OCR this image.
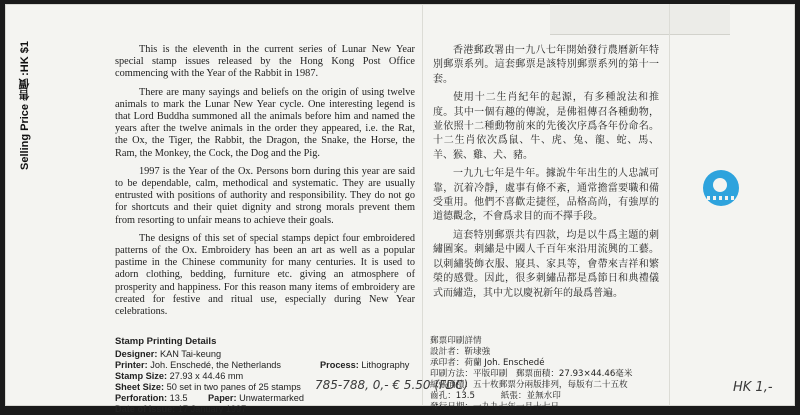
Selling Price 售價 :HK $1	This is the eleventh in the current series of Lunar New Year special stamp issues released by the Hong Kong Post Office commencing with the Year of the Rabbit in 1987.

There are many sayings and beliefs on the origin of using twelve animals to mark the Lunar New Year cycle. One interesting legend is that Lord Buddha summoned all the animals before him and named the years after the twelve animals in the order they appeared, i.e. the Rat, the Ox, the Tiger, the Rabbit, the Dragon, the Snake, the Horse, the Ram, the Monkey, the Cock, the Dog and the Pig.

1997 is the Year of the Ox. Persons born during this year are said to be dependable, calm, methodical and systematic. They are usually entrusted with positions of authority and responsibility. They do not go for shortcuts and their quiet dignity and strong morals prevent them from resorting to unfair means to achieve their goals.

The designs of this set of special stamps depict four embroidered patterns of the Ox. Embroidery has been an art as well as a popular pastime in the Chinese community for many centuries. It is used to adorn clothing, bedding, furniture etc. giving an atmosphere of prosperity and happiness. For this reason many items of embroidery are created for festive and ritual use, especially during New Year celebrations.

香港郵政署由一九八七年開始發行農曆新年特別郵票系列。這套郵票是該特別郵票系列的第十一套。

使用十二生肖紀年的起源，有多種說法和推度。其中一個有趣的傳說，是佛祖傳召各種動物，並依照十二種動物前來的先後次序爲各年份命名。十二生肖依次爲鼠、牛、虎、兔、龍、蛇、馬、羊、猴、雞、犬、豬。

一九九七年是牛年。據說牛年出生的人忠誠可靠，沉着冷靜，處事有條不紊，通常擔當要職和備受重用。他們不喜歡走捷徑，品格高尚，有強厚的道德觀念，不會爲求目的而不擇手段。

這套特別郵票共有四款，均是以牛爲主題的刺繡圖案。刺繡是中國人千百年來沿用流興的工藝。以刺繡裝飾衣服、寢具、家具等，會帶來吉祥和繁榮的感覺。因此，很多刺繡品都是爲節日和典禮儀式而繡造，其中尤以慶祝新年的最爲普遍。

Stamp Printing Details
Designer: KAN Tai-keung
Printer: Joh. Enschedé, the Netherlands	Process: Lithography
Stamp Size: 27.93 x 44.46 mm
Sheet Size: 50 set in two panes of 25 stamps
Perforation: 13.5 Paper: Unwatermarked
Date of Issue: 17 January 1997
郵票印刷詳情
設計者：靳埭強
承印者：荷蘭 Joh. Enschedé
印刷方法：平版印刷　郵票面積：27.93×44.46毫米
紙張面積：五十枚郵票分兩版排列，每版有二十五枚
齒孔：13.5　　　紙張：並無水印
發行日期：一九九七年一月十七日
785-788, 0,- € 5.50 (FDC)	HK 1,-
